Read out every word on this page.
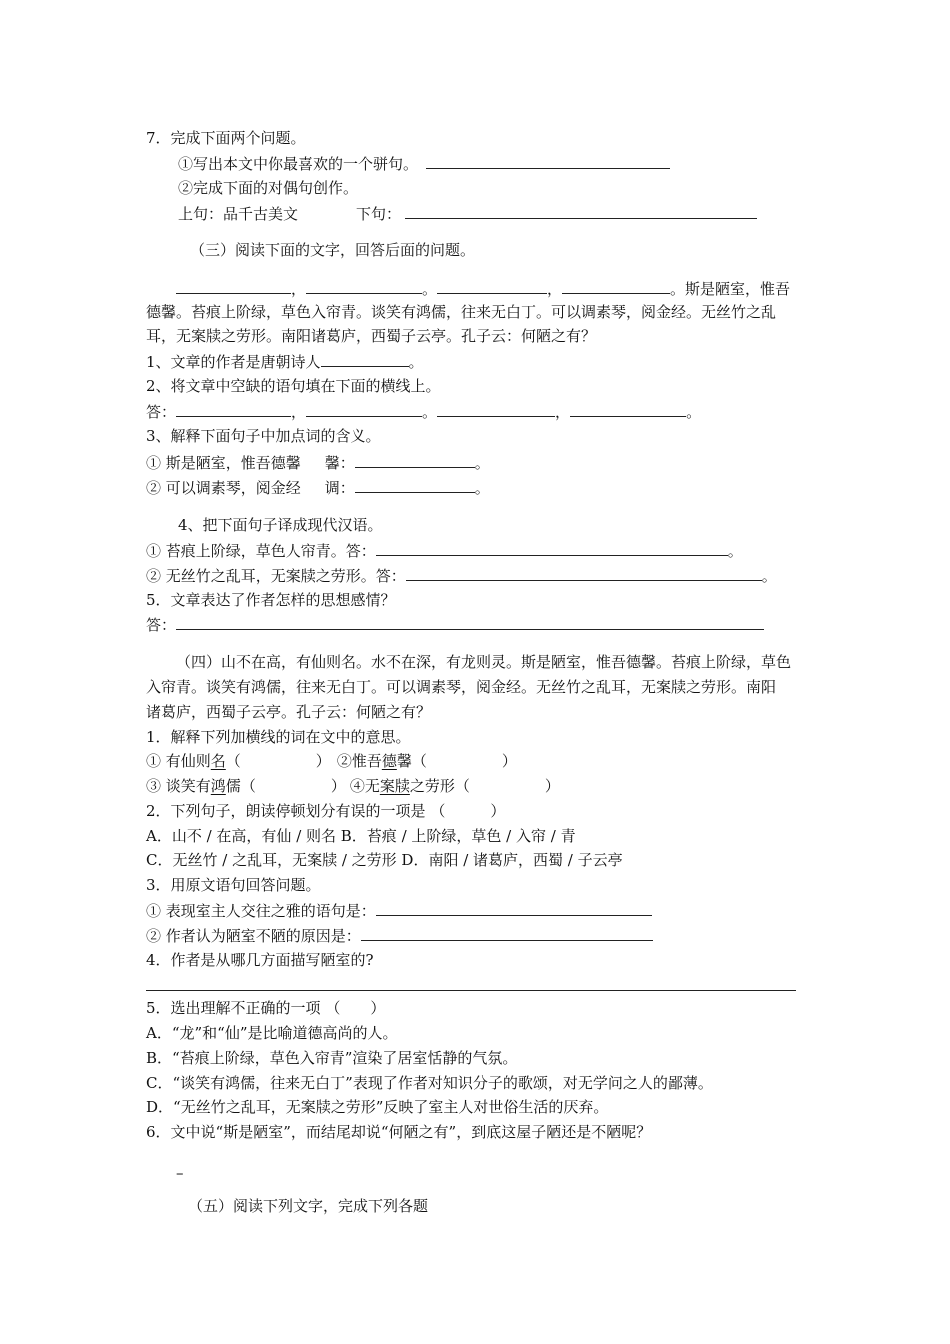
7．完成下面两个问题。
①写出本文中你最喜欢的一个骈句。
②完成下面的对偶句创作。
上句：品千古美文	下句：
（三）阅读下面的文字，回答后面的问题。
，	。	，	。斯是陋室，惟吾
德馨。苔痕上阶绿，草色入帘青。谈笑有鸿儒，往来无白丁。可以调素琴，阅金经。无丝竹之乱
耳，无案牍之劳形。南阳诸葛庐，西蜀子云亭。孔子云：何陋之有？
1、文章的作者是唐朝诗人	。
2、将文章中空缺的语句填在下面的横线上。
答：	，	。	，	。
3、解释下面句子中加点词的含义。
① 斯是陋室，惟吾德馨 馨：	。
② 可以调素琴，阅金经 调：	。
4、把下面句子译成现代汉语。
① 苔痕上阶绿，草色人帘青。答：	。
② 无丝竹之乱耳，无案牍之劳形。答：	。
5．文章表达了作者怎样的思想感情？
答：
（四）山不在高，有仙则名。水不在深，有龙则灵。斯是陋室，惟吾德馨。苔痕上阶绿，草色
入帘青。谈笑有鸿儒，往来无白丁。可以调素琴，阅金经。无丝竹之乱耳，无案牍之劳形。南阳
诸葛庐，西蜀子云亭。孔子云：何陋之有？
1．解释下列加横线的词在文中的意思。
① 有仙则名（　　　　　） ②惟吾德馨（　　　　　）
③ 谈笑有鸿儒（　　　　　） ④无案牍之劳形（　　　　　）
2．下列句子，朗读停顿划分有误的一项是 （　　　）
A．山不 / 在高，有仙 / 则名 B．苔痕 / 上阶绿，草色 / 入帘 / 青
C．无丝竹 / 之乱耳，无案牍 / 之劳形 D．南阳 / 诸葛庐，西蜀 / 子云亭
3．用原文语句回答问题。
① 表现室主人交往之雅的语句是：
② 作者认为陋室不陋的原因是：
4．作者是从哪几方面描写陋室的?
5．选出理解不正确的一项 （　　）
A．“龙”和“仙”是比喻道德高尚的人。
B．“苔痕上阶绿，草色入帘青”渲染了居室恬静的气氛。
C．“谈笑有鸿儒，往来无白丁”表现了作者对知识分子的歌颂，对无学问之人的鄙薄。
D．“无丝竹之乱耳，无案牍之劳形”反映了室主人对世俗生活的厌弃。
6．文中说“斯是陋室”，而结尾却说“何陋之有”，到底这屋子陋还是不陋呢？
–
（五）阅读下列文字，完成下列各题
